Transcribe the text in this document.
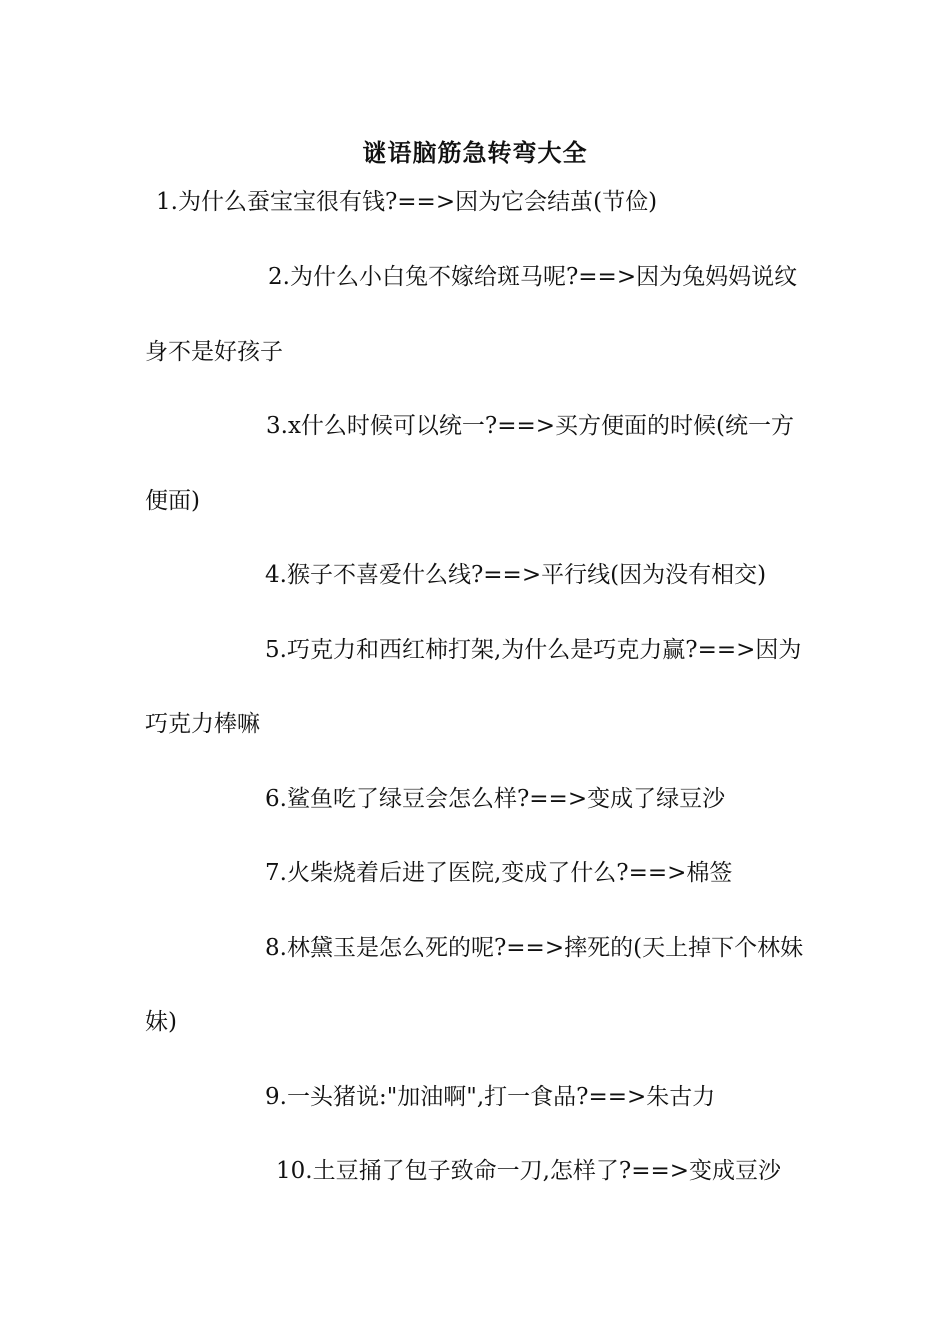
谜语脑筋急转弯大全
1.为什么蚕宝宝很有钱?==>因为它会结茧(节俭)
2.为什么小白兔不嫁给斑马呢?==>因为兔妈妈说纹
身不是好孩子
3.x什么时候可以统一?==>买方便面的时候(统一方
便面)
4.猴子不喜爱什么线?==>平行线(因为没有相交)
5.巧克力和西红柿打架,为什么是巧克力赢?==>因为
巧克力棒嘛
6.鲨鱼吃了绿豆会怎么样?==>变成了绿豆沙
7.火柴烧着后进了医院,变成了什么?==>棉签
8.林黛玉是怎么死的呢?==>摔死的(天上掉下个林妹
妹)
9.一头猪说:"加油啊",打一食品?==>朱古力
10.土豆捅了包子致命一刀,怎样了?==>变成豆沙
